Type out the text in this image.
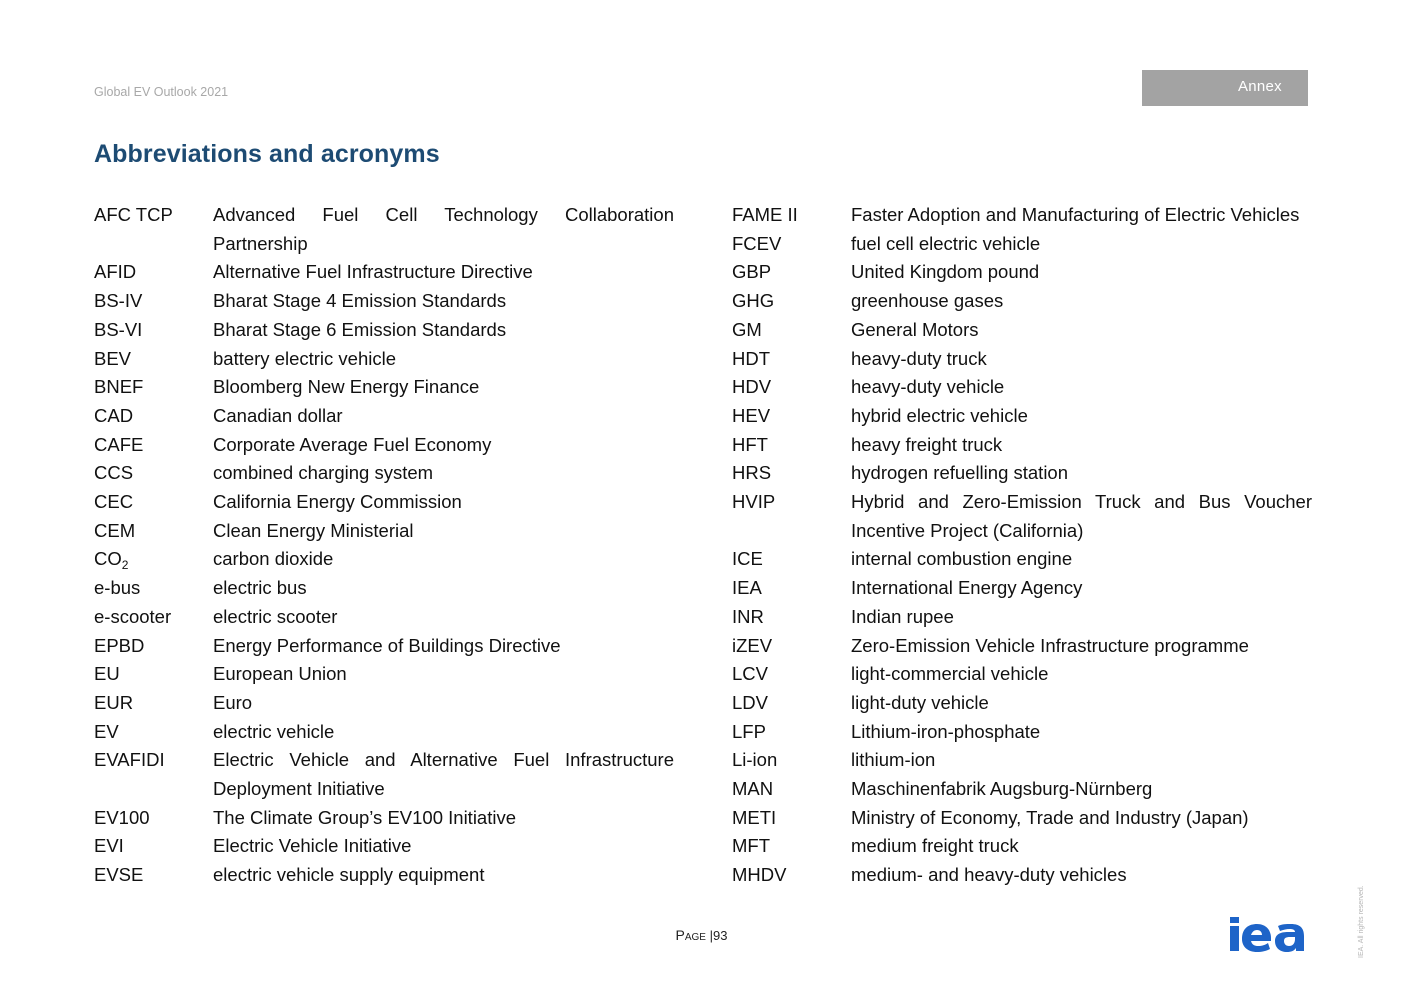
Global EV Outlook 2021	Annex
Abbreviations and acronyms
AFC TCP	Advanced Fuel Cell Technology Collaboration Partnership
AFID	Alternative Fuel Infrastructure Directive
BS-IV	Bharat Stage 4 Emission Standards
BS-VI	Bharat Stage 6 Emission Standards
BEV	battery electric vehicle
BNEF	Bloomberg New Energy Finance
CAD	Canadian dollar
CAFE	Corporate Average Fuel Economy
CCS	combined charging system
CEC	California Energy Commission
CEM	Clean Energy Ministerial
$CO_2$	carbon dioxide
e-bus	electric bus
e-scooter	electric scooter
EPBD	Energy Performance of Buildings Directive
EU	European Union
EUR	Euro
EV	electric vehicle
EVAFIDI	Electric Vehicle and Alternative Fuel Infrastructure Deployment Initiative
EV100	The Climate Group’s EV100 Initiative
EVI	Electric Vehicle Initiative
EVSE	electric vehicle supply equipment
FAME II	Faster Adoption and Manufacturing of Electric Vehicles
FCEV	fuel cell electric vehicle
GBP	United Kingdom pound
GHG	greenhouse gases
GM	General Motors
HDT	heavy-duty truck
HDV	heavy-duty vehicle
HEV	hybrid electric vehicle
HFT	heavy freight truck
HRS	hydrogen refuelling station
HVIP	Hybrid and Zero-Emission Truck and Bus Voucher Incentive Project (California)
ICE	internal combustion engine
IEA	International Energy Agency
INR	Indian rupee
iZEV	Zero-Emission Vehicle Infrastructure programme
LCV	light-commercial vehicle
LDV	light-duty vehicle
LFP	Lithium-iron-phosphate
Li-ion	lithium-ion
MAN	Maschinenfabrik Augsburg-Nürnberg
METI	Ministry of Economy, Trade and Industry (Japan)
MFT	medium freight truck
MHDV	medium- and heavy-duty vehicles
Page |93
iea	IEA. All rights reserved.
